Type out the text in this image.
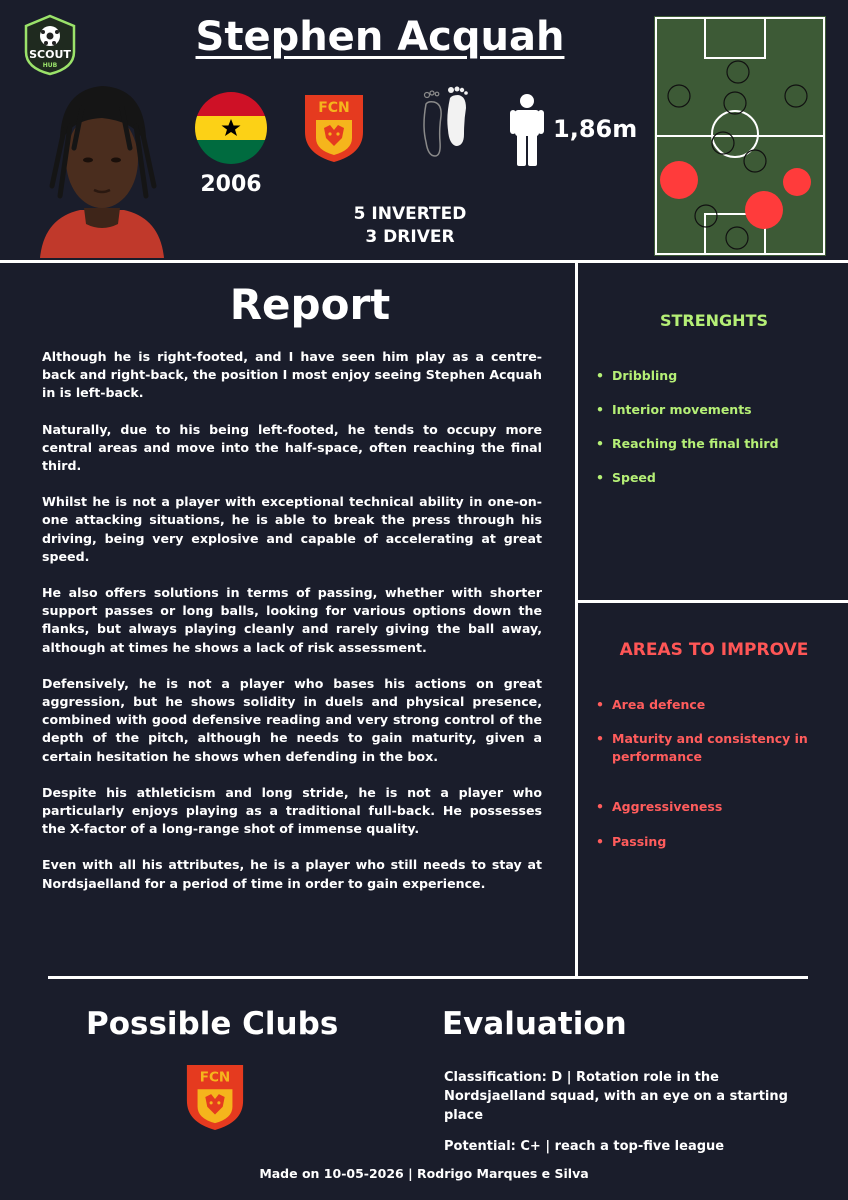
SCOUT
HUB
Stephen Acquah
2006
FCN
1,86m
5 INVERTED
3 DRIVER
Report

Although he is right-footed, and I have seen him play as a centre-back and right-back, the position I most enjoy seeing Stephen Acquah in is left-back.

Naturally, due to his being left-footed, he tends to occupy more central areas and move into the half-space, often reaching the final third.

Whilst he is not a player with exceptional technical ability in one-on-one attacking situations, he is able to break the press through his driving, being very explosive and capable of accelerating at great speed.

He also offers solutions in terms of passing, whether with shorter support passes or long balls, looking for various options down the flanks, but always playing cleanly and rarely giving the ball away, although at times he shows a lack of risk assessment.

Defensively, he is not a player who bases his actions on great aggression, but he shows solidity in duels and physical presence, combined with good defensive reading and very strong control of the depth of the pitch, although he needs to gain maturity, given a certain hesitation he shows when defending in the box.

Despite his athleticism and long stride, he is not a player who particularly enjoys playing as a traditional full-back. He possesses the X-factor of a long-range shot of immense quality.

Even with all his attributes, he is a player who still needs to stay at Nordsjaelland for a period of time in order to gain experience.

STRENGHTS
• Dribbling
• Interior movements
• Reaching the final third
• Speed
AREAS TO IMPROVE
• Area defence
• Maturity and consistency in performance
• Aggressiveness
• Passing
Possible Clubs
FCN
Evaluation

Classification: D | Rotation role in the Nordsjaelland squad, with an eye on a starting place

Potential: C+ | reach a top-five league

Made on 10-05-2026 | Rodrigo Marques e Silva
